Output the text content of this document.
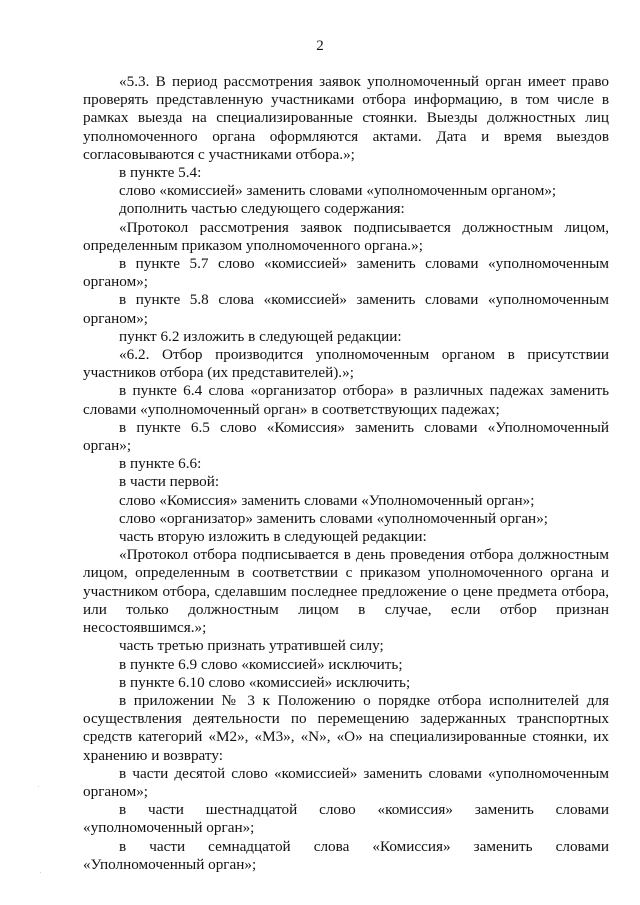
2

«5.3. В период рассмотрения заявок уполномоченный орган имеет право проверять представленную участниками отбора информацию, в том числе в рамках выезда на специализированные стоянки. Выезды должностных лиц уполномоченного органа оформляются актами. Дата и время выездов согласовываются с участниками отбора.»;

в пункте 5.4:

слово «комиссией» заменить словами «уполномоченным органом»;

дополнить частью следующего содержания:

«Протокол рассмотрения заявок подписывается должностным лицом, определенным приказом уполномоченного органа.»;

в пункте 5.7 слово «комиссией» заменить словами «уполномоченным органом»;

в пункте 5.8 слова «комиссией» заменить словами «уполномоченным органом»;

пункт 6.2 изложить в следующей редакции:

«6.2. Отбор производится уполномоченным органом в присутствии участников отбора (их представителей).»;

в пункте 6.4 слова «организатор отбора» в различных падежах заменить словами «уполномоченный орган» в соответствующих падежах;

в пункте 6.5 слово «Комиссия» заменить словами «Уполномоченный орган»;

в пункте 6.6:

в части первой:

слово «Комиссия» заменить словами «Уполномоченный орган»;

слово «организатор» заменить словами «уполномоченный орган»;

часть вторую изложить в следующей редакции:

«Протокол отбора подписывается в день проведения отбора должностным лицом, определенным в соответствии с приказом уполномоченного органа и участником отбора, сделавшим последнее предложение о цене предмета отбора, или только должностным лицом в случае, если отбор признан несостоявшимся.»;

часть третью признать утратившей силу;

в пункте 6.9 слово «комиссией» исключить;

в пункте 6.10 слово «комиссией» исключить;

в приложении № 3 к Положению о порядке отбора исполнителей для осуществления деятельности по перемещению задержанных транспортных средств категорий «М2», «М3», «N», «О» на специализированные стоянки, их хранению и возврату:

в части десятой слово «комиссией» заменить словами «уполномоченным органом»;

в части шестнадцатой слово «комиссия» заменить словами «уполномоченный орган»;

в части семнадцатой слова «Комиссия» заменить словами «Уполномоченный орган»;
